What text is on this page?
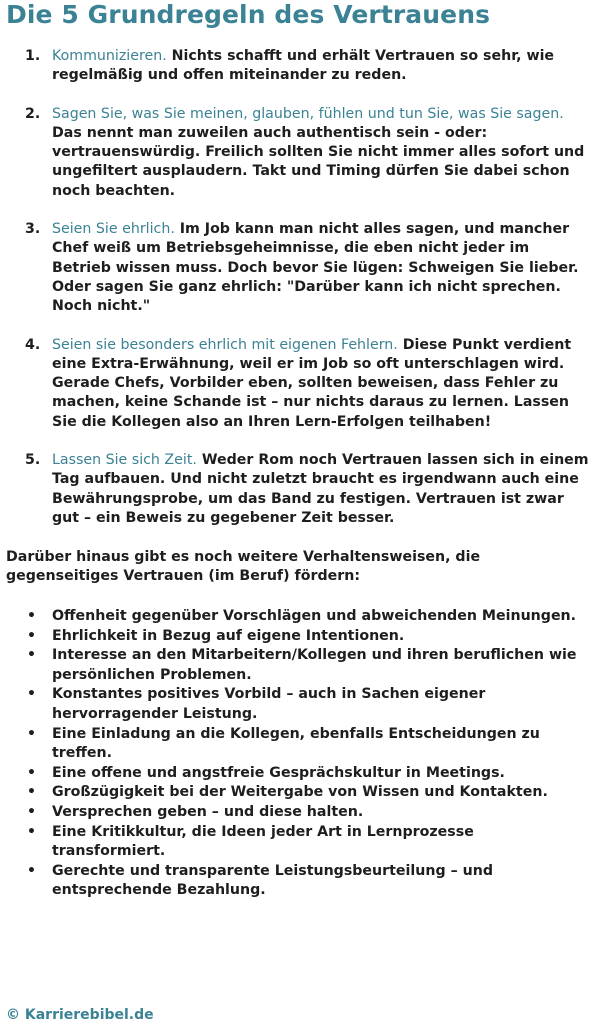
Die 5 Grundregeln des Vertrauens
1. Kommunizieren. Nichts schafft und erhält Vertrauen so sehr, wie regelmäßig und offen miteinander zu reden.
2. Sagen Sie, was Sie meinen, glauben, fühlen und tun Sie, was Sie sagen. Das nennt man zuweilen auch authentisch sein - oder: vertrauenswürdig. Freilich sollten Sie nicht immer alles sofort und ungefiltert ausplaudern. Takt und Timing dürfen Sie dabei schon noch beachten.
3. Seien Sie ehrlich. Im Job kann man nicht alles sagen, und mancher Chef weiß um Betriebsgeheimnisse, die eben nicht jeder im Betrieb wissen muss. Doch bevor Sie lügen: Schweigen Sie lieber. Oder sagen Sie ganz ehrlich: "Darüber kann ich nicht sprechen. Noch nicht."
4. Seien sie besonders ehrlich mit eigenen Fehlern. Diese Punkt verdient eine Extra-Erwähnung, weil er im Job so oft unterschlagen wird. Gerade Chefs, Vorbilder eben, sollten beweisen, dass Fehler zu machen, keine Schande ist – nur nichts daraus zu lernen. Lassen Sie die Kollegen also an Ihren Lern-Erfolgen teilhaben!
5. Lassen Sie sich Zeit. Weder Rom noch Vertrauen lassen sich in einem Tag aufbauen. Und nicht zuletzt braucht es irgendwann auch eine Bewährungsprobe, um das Band zu festigen. Vertrauen ist zwar gut – ein Beweis zu gegebener Zeit besser.

Darüber hinaus gibt es noch weitere Verhaltensweisen, die gegenseitiges Vertrauen (im Beruf) fördern:

• Offenheit gegenüber Vorschlägen und abweichenden Meinungen.
• Ehrlichkeit in Bezug auf eigene Intentionen.
• Interesse an den Mitarbeitern/Kollegen und ihren beruflichen wie persönlichen Problemen.
• Konstantes positives Vorbild – auch in Sachen eigener hervorragender Leistung.
• Eine Einladung an die Kollegen, ebenfalls Entscheidungen zu treffen.
• Eine offene und angstfreie Gesprächskultur in Meetings.
• Großzügigkeit bei der Weitergabe von Wissen und Kontakten.
• Versprechen geben – und diese halten.
• Eine Kritikkultur, die Ideen jeder Art in Lernprozesse transformiert.
• Gerechte und transparente Leistungsbeurteilung – und entsprechende Bezahlung.

© Karrierebibel.de
